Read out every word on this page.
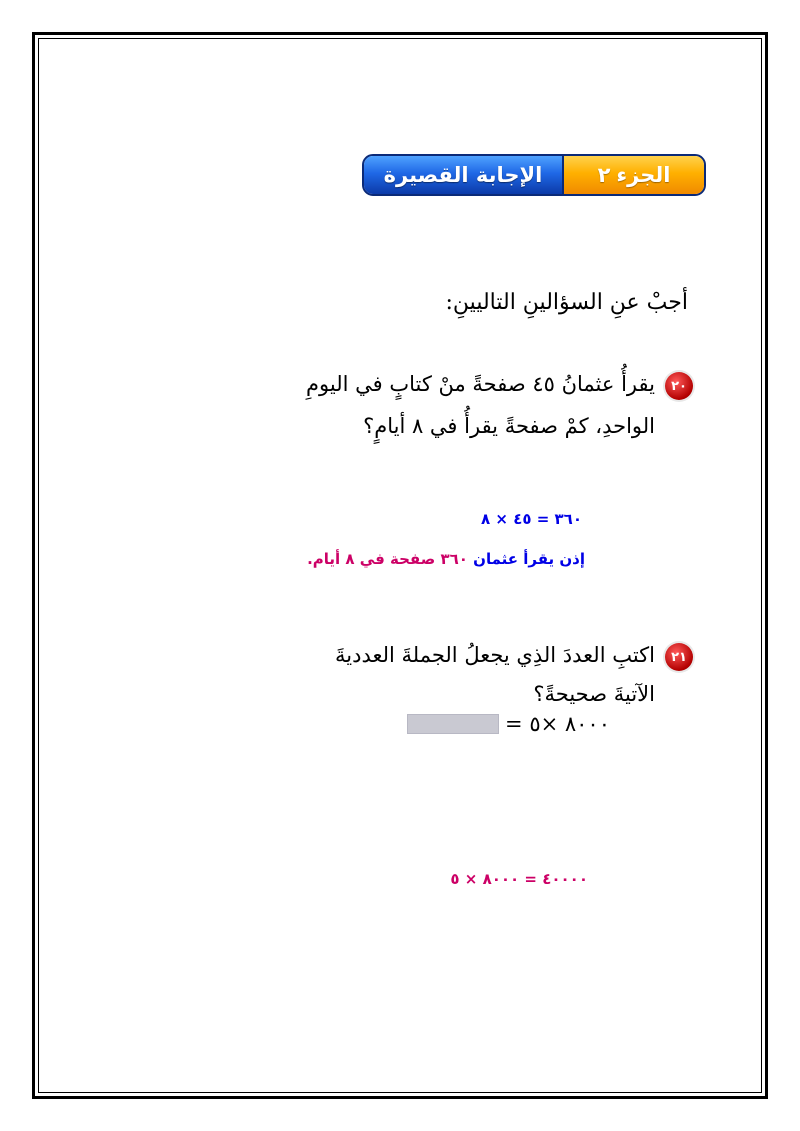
الجزء
٢
الإجابة القصيرة
أجبْ عنِ السؤالينِ التاليينِ:
٢٠
يقرأُ عثمانُ ٤٥ صفحةً منْ كتابٍ في اليومِ
الواحدِ، كمْ صفحةً يقرأُ في ٨ أيامٍ؟
٣٦٠ = ٤٥ × ٨
إذن يقرأ عثمان ٣٦٠ صفحة في ٨ أيام.
٢١
اكتبِ العددَ الذِي يجعلُ الجملةَ العدديةَ
الآتيةَ صحيحةً؟
= ٨٠٠٠ ×٥
٤٠٠٠٠ = ٨٠٠٠ × ٥
